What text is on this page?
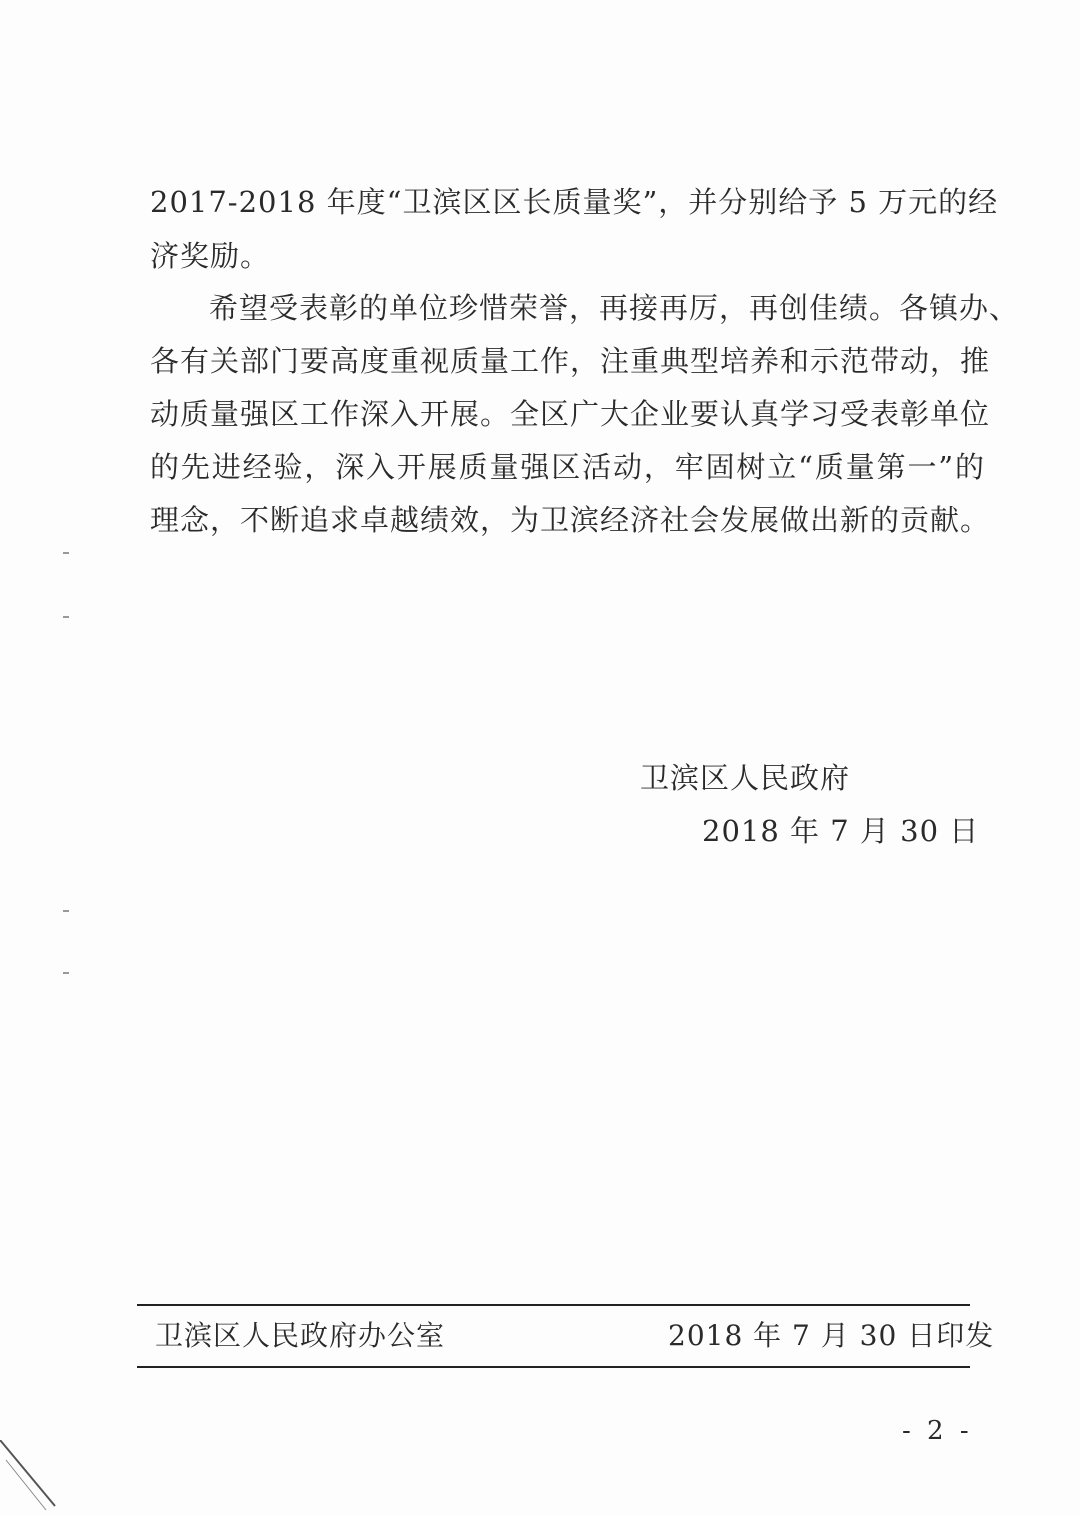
2017-2018 年度“卫滨区区长质量奖”，并分别给予 5 万元的经
济奖励。
希望受表彰的单位珍惜荣誉，再接再厉，再创佳绩。各镇办、
各有关部门要高度重视质量工作，注重典型培养和示范带动，推
动质量强区工作深入开展。全区广大企业要认真学习受表彰单位
的先进经验，深入开展质量强区活动，牢固树立“质量第一”的
理念，不断追求卓越绩效，为卫滨经济社会发展做出新的贡献。
卫滨区人民政府
2018 年 7 月 30 日
卫滨区人民政府办公室	2018 年 7 月 30 日印发
- 2 -
